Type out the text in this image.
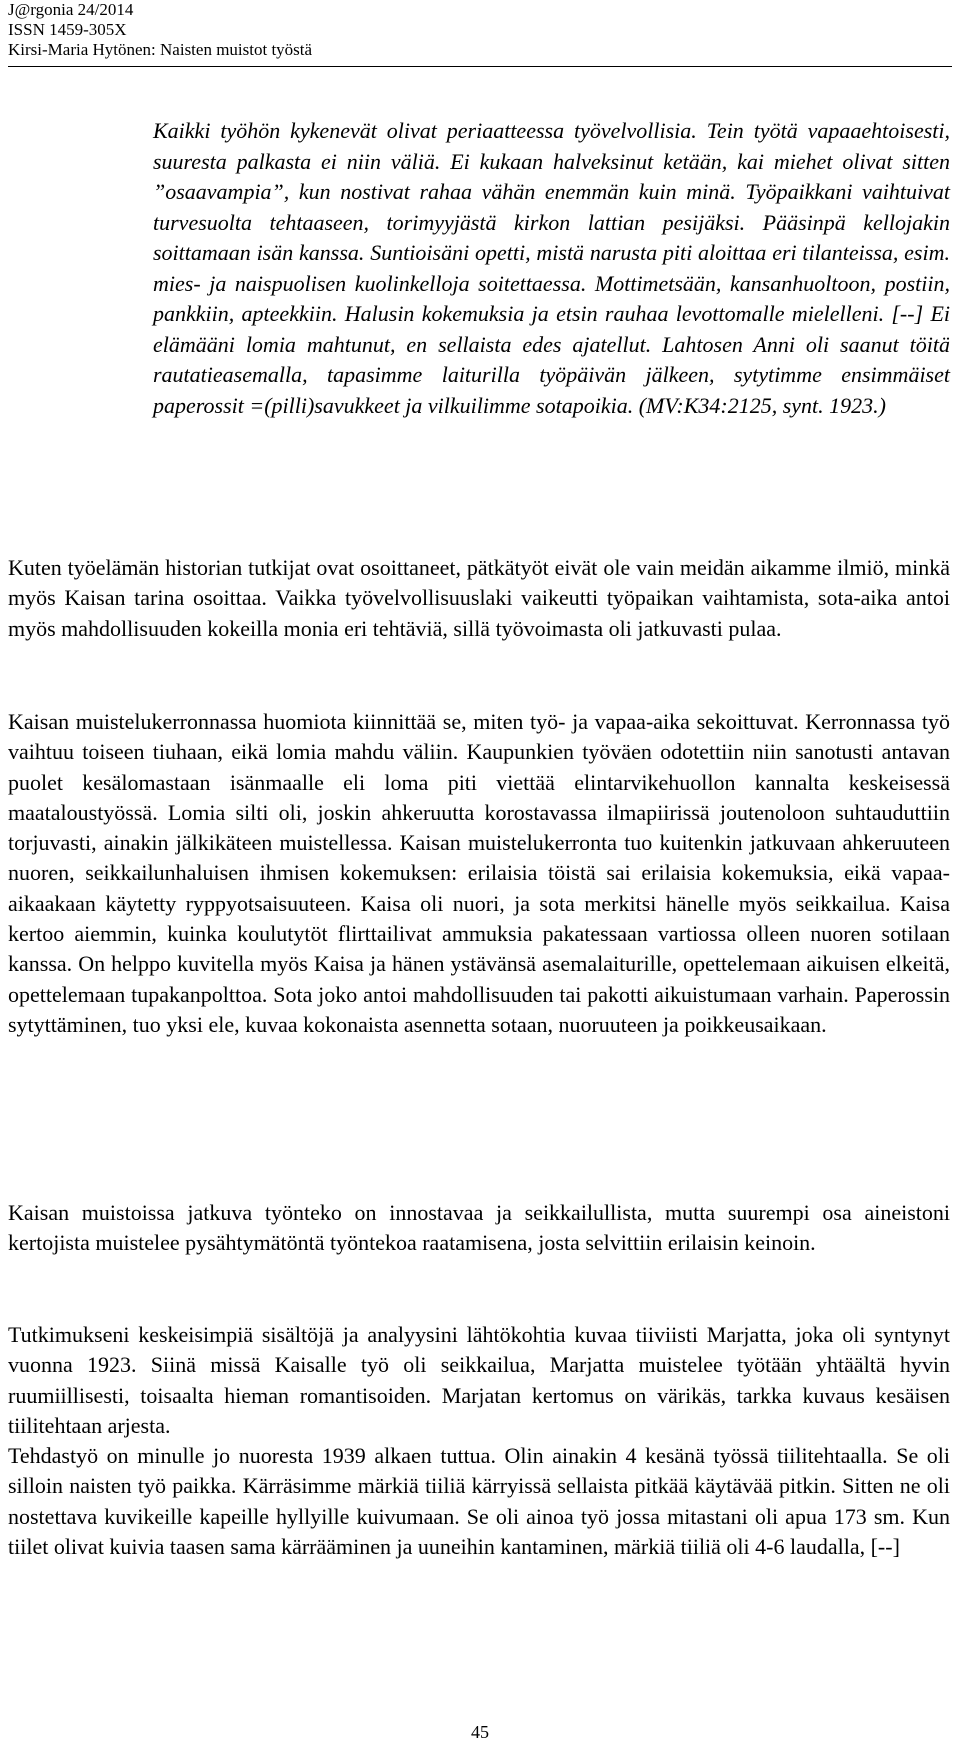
J@rgonia 24/2014
ISSN 1459-305X
Kirsi-Maria Hytönen: Naisten muistot työstä
Kaikki työhön kykenevät olivat periaatteessa työvelvollisia. Tein työtä vapaaehtoisesti, suuresta palkasta ei niin väliä. Ei kukaan halveksinut ketään, kai miehet olivat sitten ”osaavampia”, kun nostivat rahaa vähän enemmän kuin minä. Työpaikkani vaihtuivat turvesuolta tehtaaseen, torimyyjästä kirkon lattian pesijäksi. Pääsinpä kellojakin soittamaan isän kanssa. Suntioisäni opetti, mistä narusta piti aloittaa eri tilanteissa, esim. mies- ja naispuolisen kuolinkelloja soitettaessa. Mottimetsään, kansanhuoltoon, postiin, pankkiin, apteekkiin. Halusin kokemuksia ja etsin rauhaa levottomalle mielelleni. [--] Ei elämääni lomia mahtunut, en sellaista edes ajatellut. Lahtosen Anni oli saanut töitä rautatieasemalla, tapasimme laiturilla työpäivän jälkeen, sytytimme ensimmäiset paperossit =(pilli)savukkeet ja vilkuilimme sotapoikia. (MV:K34:2125, synt. 1923.)
Kuten työelämän historian tutkijat ovat osoittaneet, pätkätyöt eivät ole vain meidän aikamme ilmiö, minkä myös Kaisan tarina osoittaa. Vaikka työvelvollisuuslaki vaikeutti työpaikan vaihtamista, sota-aika antoi myös mahdollisuuden kokeilla monia eri tehtäviä, sillä työvoimasta oli jatkuvasti pulaa.
Kaisan muistelukerronnassa huomiota kiinnittää se, miten työ- ja vapaa-aika sekoittuvat. Kerronnassa työ vaihtuu toiseen tiuhaan, eikä lomia mahdu väliin. Kaupunkien työväen odotettiin niin sanotusti antavan puolet kesälomastaan isänmaalle eli loma piti viettää elintarvikehuollon kannalta keskeisessä maataloustyössä. Lomia silti oli, joskin ahkeruutta korostavassa ilmapiirissä joutenoloon suhtauduttiin torjuvasti, ainakin jälkikäteen muistellessa. Kaisan muistelukerronta tuo kuitenkin jatkuvaan ahkeruuteen nuoren, seikkailunhaluisen ihmisen kokemuksen: erilaisia töistä sai erilaisia kokemuksia, eikä vapaa-aikaakaan käytetty ryppyotsaisuuteen. Kaisa oli nuori, ja sota merkitsi hänelle myös seikkailua. Kaisa kertoo aiemmin, kuinka koulutytöt flirttailivat ammuksia pakatessaan vartiossa olleen nuoren sotilaan kanssa. On helppo kuvitella myös Kaisa ja hänen ystävänsä asemalaiturille, opettelemaan aikuisen elkeitä, opettelemaan tupakanpolttoa. Sota joko antoi mahdollisuuden tai pakotti aikuistumaan varhain. Paperossin sytyttäminen, tuo yksi ele, kuvaa kokonaista asennetta sotaan, nuoruuteen ja poikkeusaikaan.
Kaisan muistoissa jatkuva työnteko on innostavaa ja seikkailullista, mutta suurempi osa aineistoni kertojista muistelee pysähtymätöntä työntekoa raatamisena, josta selvittiin erilaisin keinoin.
Tutkimukseni keskeisimpiä sisältöjä ja analyysini lähtökohtia kuvaa tiiviisti Marjatta, joka oli syntynyt vuonna 1923. Siinä missä Kaisalle työ oli seikkailua, Marjatta muistelee työtään yhtäältä hyvin ruumiillisesti, toisaalta hieman romantisoiden. Marjatan kertomus on värikäs, tarkka kuvaus kesäisen tiilitehtaan arjesta.
Tehdastyö on minulle jo nuoresta 1939 alkaen tuttua. Olin ainakin 4 kesänä työssä tiilitehtaalla. Se oli silloin naisten työ paikka. Kärräsimme märkiä tiiliä kärryissä sellaista pitkää käytävää pitkin. Sitten ne oli nostettava kuvikeille kapeille hyllyille kuivumaan. Se oli ainoa työ jossa mitastani oli apua 173 sm. Kun tiilet olivat kuivia taasen sama kärrääminen ja uuneihin kantaminen, märkiä tiiliä oli 4-6 laudalla, [--]
45
